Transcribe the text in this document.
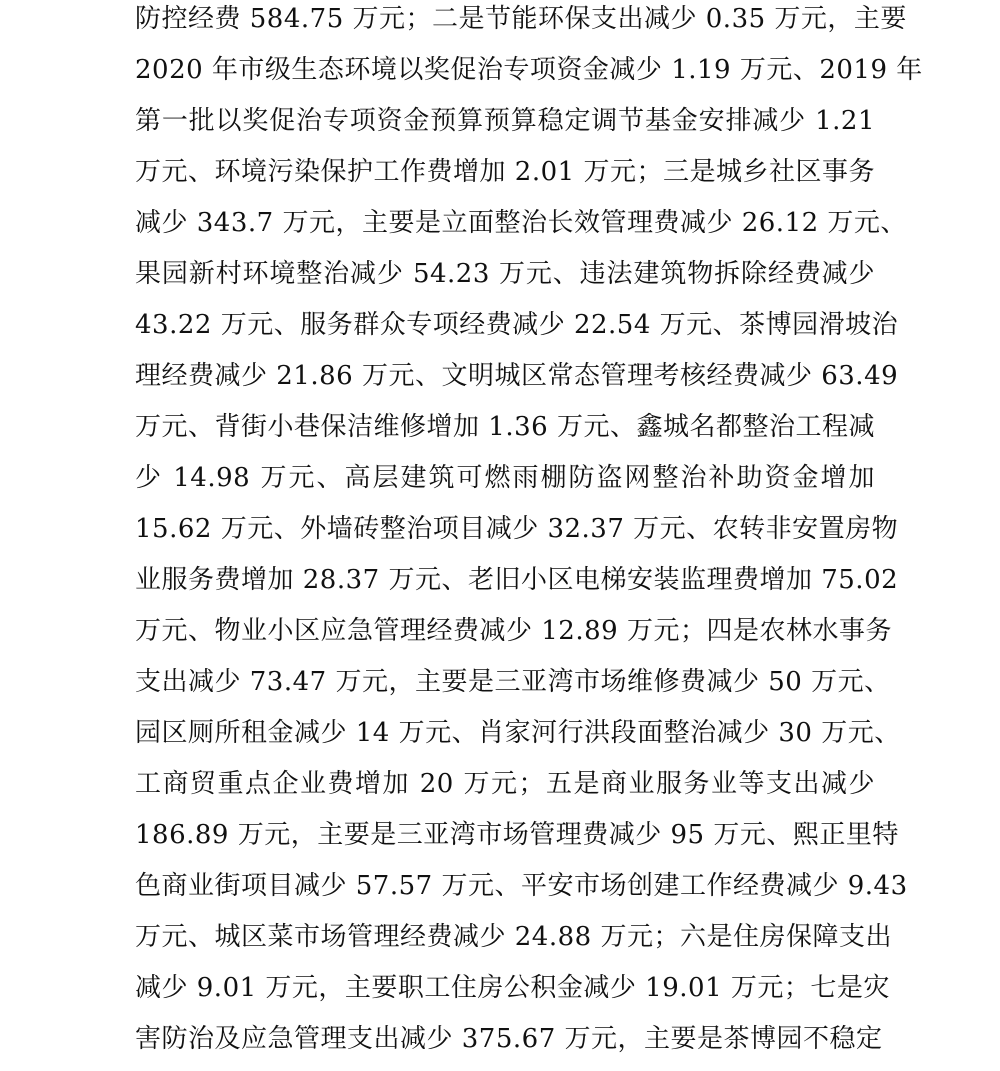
防控经费 584.75 万元；二是节能环保支出减少 0.35 万元，主要
2020 年市级生态环境以奖促治专项资金减少 1.19 万元、2019 年
第一批以奖促治专项资金预算预算稳定调节基金安排减少 1.21
万元、环境污染保护工作费增加 2.01 万元；三是城乡社区事务
减少 343.7 万元，主要是立面整治长效管理费减少 26.12 万元、
果园新村环境整治减少 54.23 万元、违法建筑物拆除经费减少
43.22 万元、服务群众专项经费减少 22.54 万元、茶博园滑坡治
理经费减少 21.86 万元、文明城区常态管理考核经费减少 63.49
万元、背街小巷保洁维修增加 1.36 万元、鑫城名都整治工程减
少 14.98 万元、高层建筑可燃雨棚防盗网整治补助资金增加
15.62 万元、外墙砖整治项目减少 32.37 万元、农转非安置房物
业服务费增加 28.37 万元、老旧小区电梯安装监理费增加 75.02
万元、物业小区应急管理经费减少 12.89 万元；四是农林水事务
支出减少 73.47 万元，主要是三亚湾市场维修费减少 50 万元、
园区厕所租金减少 14 万元、肖家河行洪段面整治减少 30 万元、
工商贸重点企业费增加 20 万元；五是商业服务业等支出减少
186.89 万元，主要是三亚湾市场管理费减少 95 万元、熙正里特
色商业街项目减少 57.57 万元、平安市场创建工作经费减少 9.43
万元、城区菜市场管理经费减少 24.88 万元；六是住房保障支出
减少 9.01 万元，主要职工住房公积金减少 19.01 万元；七是灾
害防治及应急管理支出减少 375.67 万元，主要是茶博园不稳定
